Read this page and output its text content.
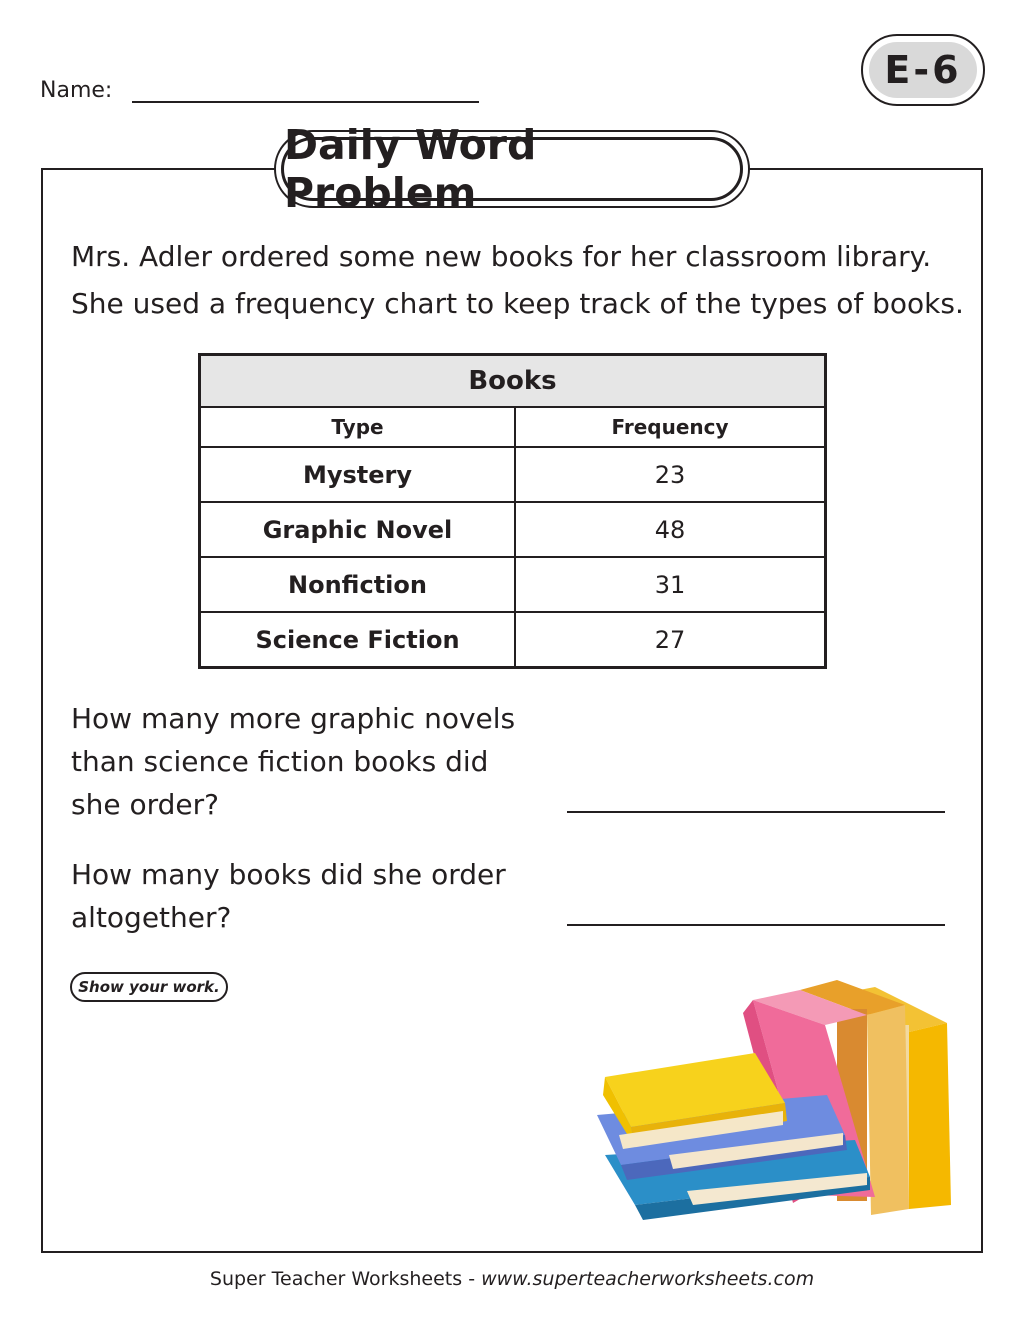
Name:	E-6
Daily Word Problem
Mrs. Adler ordered some new books for her classroom library.
She used a frequency chart to keep track of the types of books.
Books	
Type	Frequency
Mystery	23
Graphic Novel	48
Nonfiction	31
Science Fiction	27
How many more graphic novels
than science fiction books did
she order?
How many books did she order
altogether?
Show your work.
Super Teacher Worksheets - www.superteacherworksheets.com
